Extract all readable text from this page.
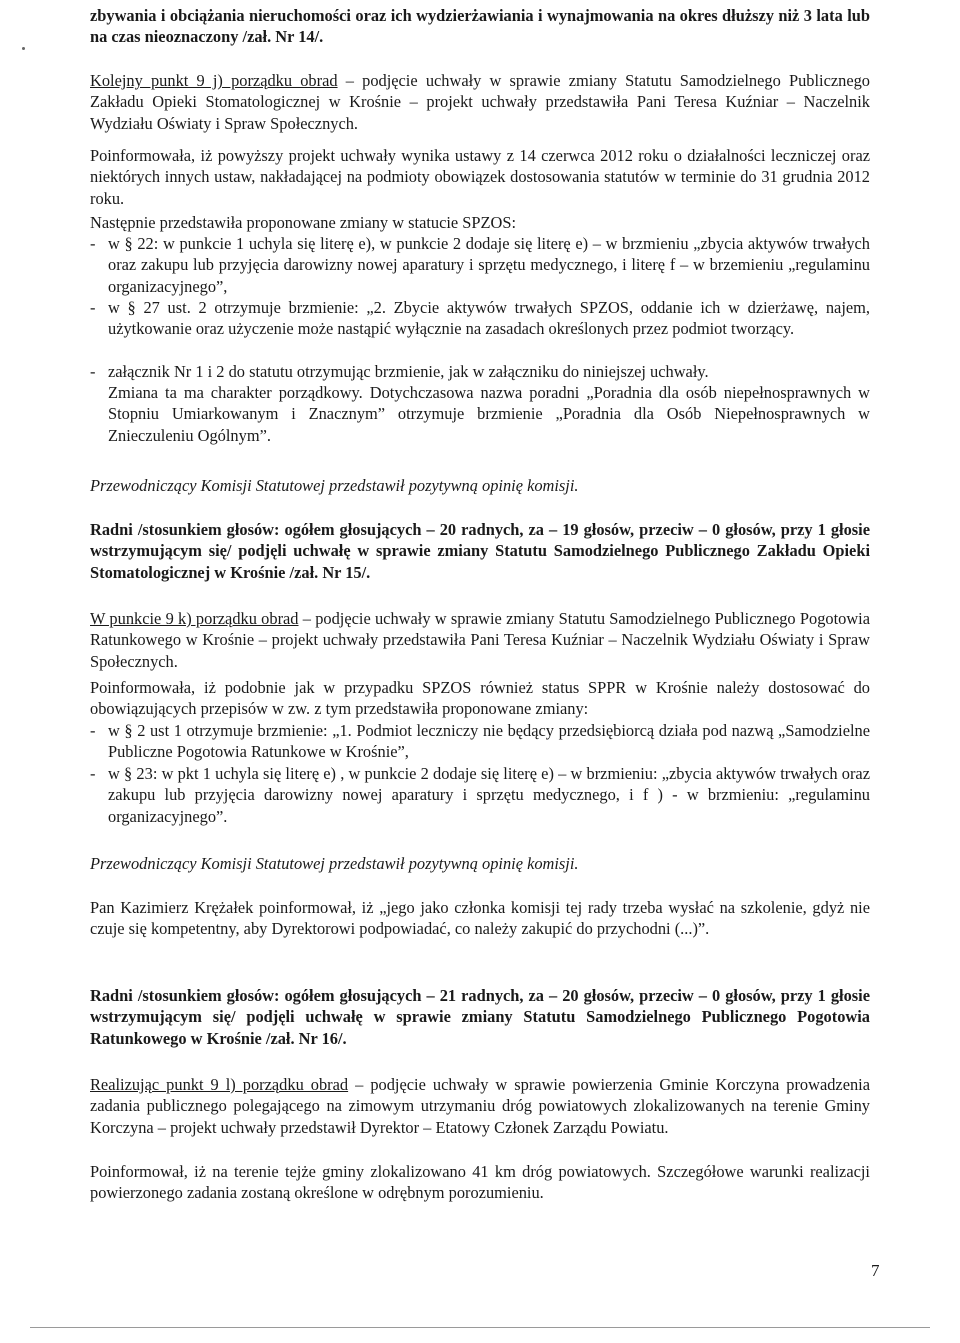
zbywania i obciążania nieruchomości oraz ich wydzierżawiania i wynajmowania na okres dłuższy niż 3 lata lub na czas nieoznaczony /zał. Nr 14/.

Kolejny punkt 9 j) porządku obrad – podjęcie uchwały w sprawie zmiany Statutu Samodzielnego Publicznego Zakładu Opieki Stomatologicznej w Krośnie – projekt uchwały przedstawiła Pani Teresa Kuźniar – Naczelnik Wydziału Oświaty i Spraw Społecznych.

Poinformowała, iż powyższy projekt uchwały wynika ustawy z 14 czerwca 2012 roku o działalności leczniczej oraz niektórych innych ustaw, nakładającej na podmioty obowiązek dostosowania statutów w terminie do 31 grudnia 2012 roku.

Następnie przedstawiła proponowane zmiany w statucie SPZOS:

- w § 22: w punkcie 1 uchyla się literę e), w punkcie 2 dodaje się literę e) – w brzmieniu „zbycia aktywów trwałych oraz zakupu lub przyjęcia darowizny nowej aparatury i sprzętu medycznego, i literę f – w brzemieniu „regulaminu organizacyjnego”,

- w § 27 ust. 2 otrzymuje brzmienie: „2. Zbycie aktywów trwałych SPZOS, oddanie ich w dzierżawę, najem, użytkowanie oraz użyczenie może nastąpić wyłącznie na zasadach określonych przez podmiot tworzący.

- załącznik Nr 1 i 2 do statutu otrzymując brzmienie, jak w załączniku do niniejszej uchwały.

Zmiana ta ma charakter porządkowy. Dotychczasowa nazwa poradni „Poradnia dla osób niepełnosprawnych w Stopniu Umiarkowanym i Znacznym” otrzymuje brzmienie „Poradnia dla Osób Niepełnosprawnych w Znieczuleniu Ogólnym”.

Przewodniczący Komisji Statutowej przedstawił pozytywną opinię komisji.

Radni /stosunkiem głosów: ogółem głosujących – 20 radnych, za – 19 głosów, przeciw – 0 głosów, przy 1 głosie wstrzymującym się/ podjęli uchwałę w sprawie zmiany Statutu Samodzielnego Publicznego Zakładu Opieki Stomatologicznej w Krośnie /zał. Nr 15/.

W punkcie 9 k) porządku obrad – podjęcie uchwały w sprawie zmiany Statutu Samodzielnego Publicznego Pogotowia Ratunkowego w Krośnie – projekt uchwały przedstawiła Pani Teresa Kuźniar – Naczelnik Wydziału Oświaty i Spraw Społecznych.

Poinformowała, iż podobnie jak w przypadku SPZOS również status SPPR w Krośnie należy dostosować do obowiązujących przepisów w zw. z tym przedstawiła proponowane zmiany:

- w § 2 ust 1 otrzymuje brzmienie: „1. Podmiot leczniczy nie będący przedsiębiorcą działa pod nazwą „Samodzielne Publiczne Pogotowia Ratunkowe w Krośnie”,

- w § 23: w pkt 1 uchyla się literę e) , w punkcie 2 dodaje się literę e) – w brzmieniu: „zbycia aktywów trwałych oraz zakupu lub przyjęcia darowizny nowej aparatury i sprzętu medycznego, i f ) - w brzmieniu: „regulaminu organizacyjnego”.

Przewodniczący Komisji Statutowej przedstawił pozytywną opinię komisji.

Pan Kazimierz Krężałek poinformował, iż „jego jako członka komisji tej rady trzeba wysłać na szkolenie, gdyż nie czuje się kompetentny, aby Dyrektorowi podpowiadać, co należy zakupić do przychodni (...)”.

Radni /stosunkiem głosów: ogółem głosujących – 21 radnych, za – 20 głosów, przeciw – 0 głosów, przy 1 głosie wstrzymującym się/ podjęli uchwałę w sprawie zmiany Statutu Samodzielnego Publicznego Pogotowia Ratunkowego w Krośnie /zał. Nr 16/.

Realizując punkt 9 l) porządku obrad – podjęcie uchwały w sprawie powierzenia Gminie Korczyna prowadzenia zadania publicznego polegającego na zimowym utrzymaniu dróg powiatowych zlokalizowanych na terenie Gminy Korczyna – projekt uchwały przedstawił Dyrektor – Etatowy Członek Zarządu Powiatu.

Poinformował, iż na terenie tejże gminy zlokalizowano 41 km dróg powiatowych. Szczegółowe warunki realizacji powierzonego zadania zostaną określone w odrębnym porozumieniu.

7
